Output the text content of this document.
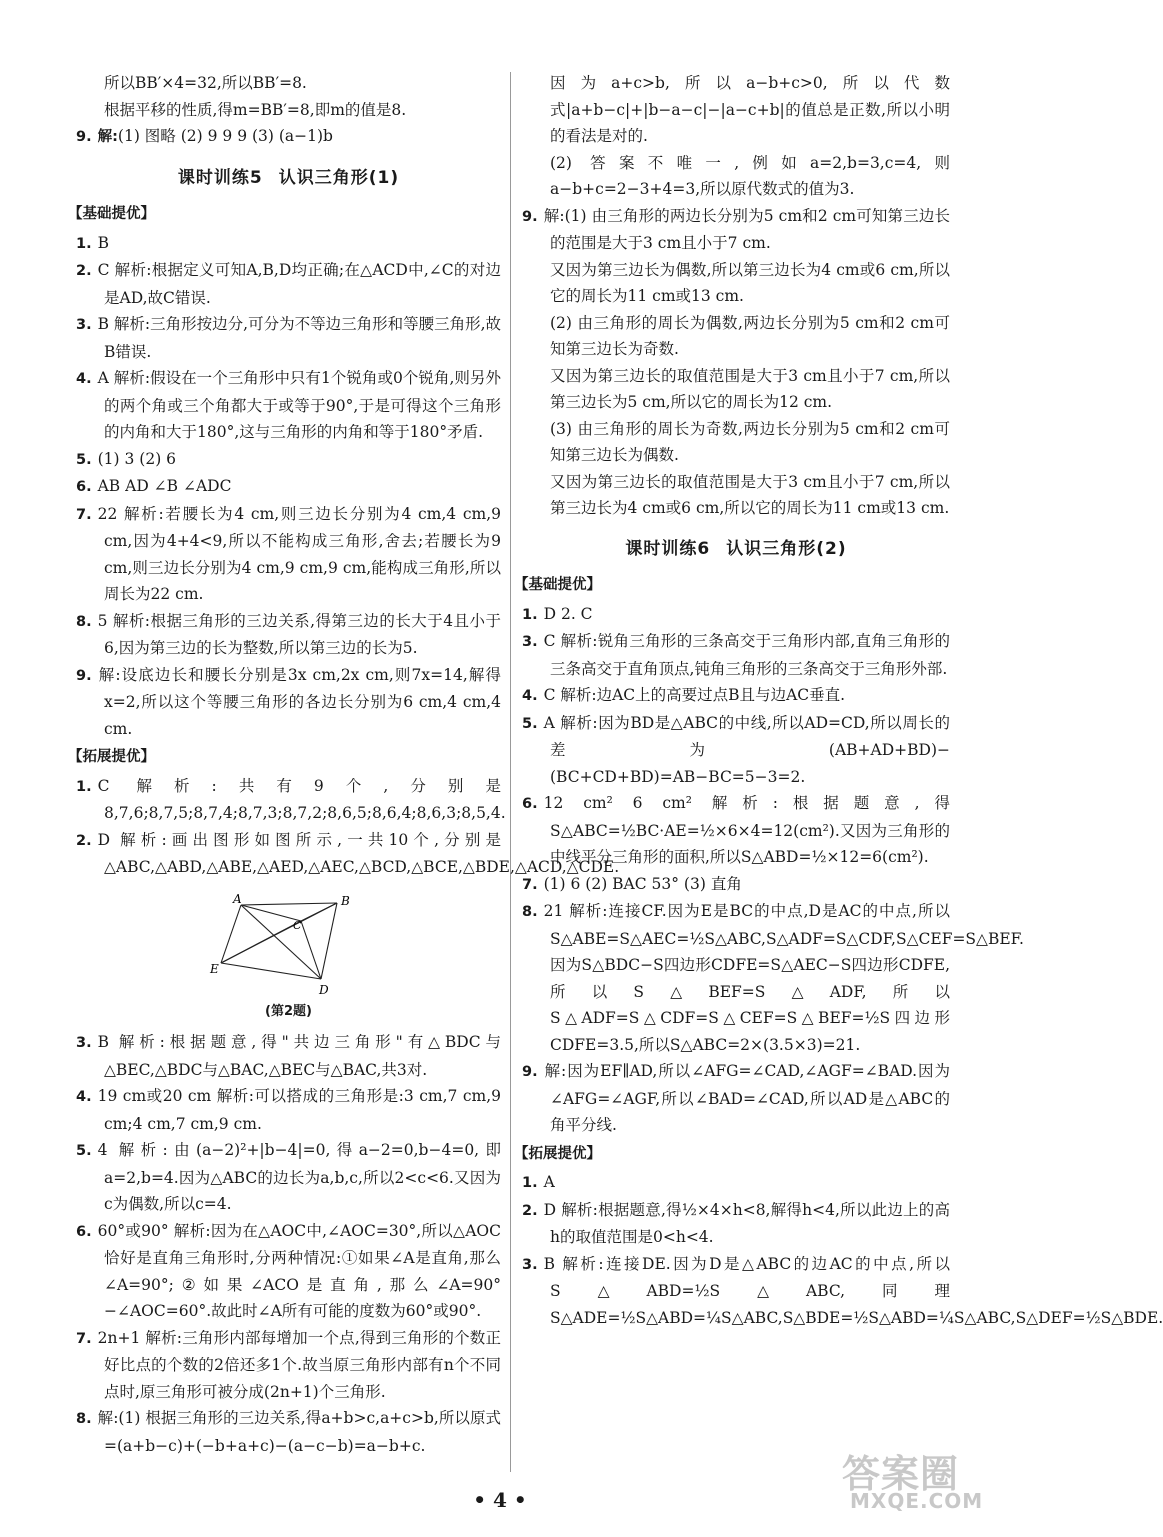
所以BB′×4=32,所以BB′=8.

根据平移的性质,得m=BB′=8,即m的值是8.

9. 解:(1) 图略 (2) 9 9 9 (3) (a−1)b

课时训练5 认识三角形(1)
【基础提优】

1. B

2. C 解析:根据定义可知A,B,D均正确;在△ACD中,∠C的对边是AD,故C错误.

3. B 解析:三角形按边分,可分为不等边三角形和等腰三角形,故B错误.

4. A 解析:假设在一个三角形中只有1个锐角或0个锐角,则另外的两个角或三个角都大于或等于90°,于是可得这个三角形的内角和大于180°,这与三角形的内角和等于180°矛盾.

5. (1) 3 (2) 6

6. AB AD ∠B ∠ADC

7. 22 解析:若腰长为4 cm,则三边长分别为4 cm,4 cm,9 cm,因为4+4<9,所以不能构成三角形,舍去;若腰长为9 cm,则三边长分别为4 cm,9 cm,9 cm,能构成三角形,所以周长为22 cm.

8. 5 解析:根据三角形的三边关系,得第三边的长大于4且小于6,因为第三边的长为整数,所以第三边的长为5.

9. 解:设底边长和腰长分别是3x cm,2x cm,则7x=14,解得x=2,所以这个等腰三角形的各边长分别为6 cm,4 cm,4 cm.

【拓展提优】

1. C 解析:共有9个,分别是8,7,6;8,7,5;8,7,4;8,7,3;8,7,2;8,6,5;8,6,4;8,6,3;8,5,4.

2. D 解析:画出图形如图所示,一共10个,分别是△ABC,△ABD,△ABE,△AED,△AEC,△BCD,△BCE,△BDE,△ACD,△CDE.

A	B
C
D
E
(第2题)

3. B 解析:根据题意,得"共边三角形"有△BDC与△BEC,△BDC与△BAC,△BEC与△BAC,共3对.

4. 19 cm或20 cm 解析:可以搭成的三角形是:3 cm,7 cm,9 cm;4 cm,7 cm,9 cm.

5. 4 解析:由(a−2)²+|b−4|=0,得a−2=0,b−4=0,即a=2,b=4.因为△ABC的边长为a,b,c,所以2<c<6.又因为c为偶数,所以c=4.

6. 60°或90° 解析:因为在△AOC中,∠AOC=30°,所以△AOC恰好是直角三角形时,分两种情况:①如果∠A是直角,那么∠A=90°;②如果∠ACO是直角,那么∠A=90°−∠AOC=60°.故此时∠A所有可能的度数为60°或90°.

7. 2n+1 解析:三角形内部每增加一个点,得到三角形的个数正好比点的个数的2倍还多1个.故当原三角形内部有n个不同点时,原三角形可被分成(2n+1)个三角形.

8. 解:(1) 根据三角形的三边关系,得a+b>c,a+c>b,所以原式=(a+b−c)+(−b+a+c)−(a−c−b)=a−b+c.

因为a+c>b,所以a−b+c>0,所以代数式|a+b−c|+|b−a−c|−|a−c+b|的值总是正数,所以小明的看法是对的.

(2) 答案不唯一,例如a=2,b=3,c=4,则a−b+c=2−3+4=3,所以原代数式的值为3.

9. 解:(1) 由三角形的两边长分别为5 cm和2 cm可知第三边长的范围是大于3 cm且小于7 cm.

又因为第三边长为偶数,所以第三边长为4 cm或6 cm,所以它的周长为11 cm或13 cm.

(2) 由三角形的周长为偶数,两边长分别为5 cm和2 cm可知第三边长为奇数.

又因为第三边长的取值范围是大于3 cm且小于7 cm,所以第三边长为5 cm,所以它的周长为12 cm.

(3) 由三角形的周长为奇数,两边长分别为5 cm和2 cm可知第三边长为偶数.

又因为第三边长的取值范围是大于3 cm且小于7 cm,所以第三边长为4 cm或6 cm,所以它的周长为11 cm或13 cm.

课时训练6 认识三角形(2)
【基础提优】

1. D 2. C

3. C 解析:锐角三角形的三条高交于三角形内部,直角三角形的三条高交于直角顶点,钝角三角形的三条高交于三角形外部.

4. C 解析:边AC上的高要过点B且与边AC垂直.

5. A 解析:因为BD是△ABC的中线,所以AD=CD,所以周长的差为(AB+AD+BD)−(BC+CD+BD)=AB−BC=5−3=2.

6. 12 cm² 6 cm² 解析:根据题意,得S△ABC=½BC·AE=½×6×4=12(cm²).又因为三角形的中线平分三角形的面积,所以S△ABD=½×12=6(cm²).

7. (1) 6 (2) BAC 53° (3) 直角

8. 21 解析:连接CF.因为E是BC的中点,D是AC的中点,所以S△ABE=S△AEC=½S△ABC,S△ADF=S△CDF,S△CEF=S△BEF.因为S△BDC−S四边形CDFE=S△AEC−S四边形CDFE,所以S△BEF=S△ADF,所以S△ADF=S△CDF=S△CEF=S△BEF=½S四边形CDFE=3.5,所以S△ABC=2×(3.5×3)=21.

9. 解:因为EF∥AD,所以∠AFG=∠CAD,∠AGF=∠BAD.因为∠AFG=∠AGF,所以∠BAD=∠CAD,所以AD是△ABC的角平分线.

【拓展提优】

1. A

2. D 解析:根据题意,得½×4×h<8,解得h<4,所以此边上的高h的取值范围是0<h<4.

3. B 解析:连接DE.因为D是△ABC的边AC的中点,所以S△ABD=½S△ABC,同理S△ADE=½S△ABD=¼S△ABC,S△BDE=½S△ABD=¼S△ABC,S△DEF=½S△BDE.

• 4 •
答案圈
MXQE.COM
